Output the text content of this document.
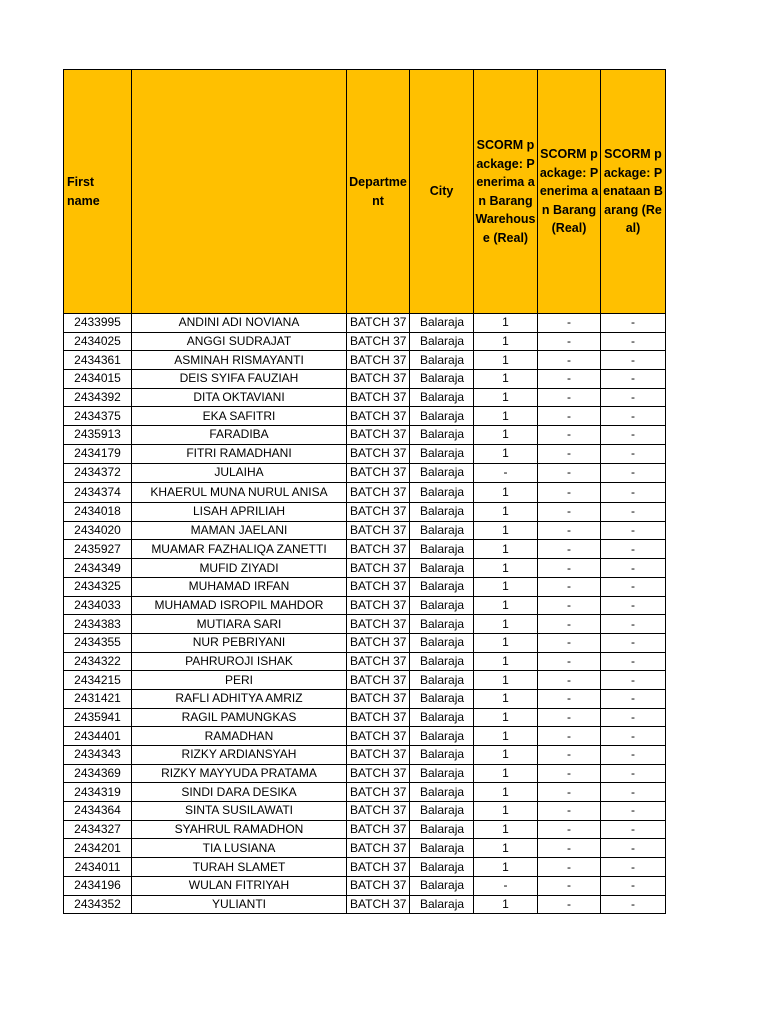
First name		Departme nt	City	SCORM package: Penerima an Barang Warehous e (Real)	SCORM package: Penerima an Barang (Real)	SCORM package: Penataan Barang (Real)
2433995	ANDINI ADI NOVIANA	BATCH 37	Balaraja	1	-	-
2434025	ANGGI SUDRAJAT	BATCH 37	Balaraja	1	-	-
2434361	ASMINAH RISMAYANTI	BATCH 37	Balaraja	1	-	-
2434015	DEIS SYIFA FAUZIAH	BATCH 37	Balaraja	1	-	-
2434392	DITA OKTAVIANI	BATCH 37	Balaraja	1	-	-
2434375	EKA SAFITRI	BATCH 37	Balaraja	1	-	-
2435913	FARADIBA	BATCH 37	Balaraja	1	-	-
2434179	FITRI RAMADHANI	BATCH 37	Balaraja	1	-	-
2434372	JULAIHA	BATCH 37	Balaraja	-	-	-
2434374	KHAERUL MUNA NURUL ANISA	BATCH 37	Balaraja	1	-	-
2434018	LISAH APRILIAH	BATCH 37	Balaraja	1	-	-
2434020	MAMAN JAELANI	BATCH 37	Balaraja	1	-	-
2435927	MUAMAR FAZHALIQA ZANETTI	BATCH 37	Balaraja	1	-	-
2434349	MUFID ZIYADI	BATCH 37	Balaraja	1	-	-
2434325	MUHAMAD IRFAN	BATCH 37	Balaraja	1	-	-
2434033	MUHAMAD ISROPIL MAHDOR	BATCH 37	Balaraja	1	-	-
2434383	MUTIARA SARI	BATCH 37	Balaraja	1	-	-
2434355	NUR PEBRIYANI	BATCH 37	Balaraja	1	-	-
2434322	PAHRUROJI ISHAK	BATCH 37	Balaraja	1	-	-
2434215	PERI	BATCH 37	Balaraja	1	-	-
2431421	RAFLI ADHITYA AMRIZ	BATCH 37	Balaraja	1	-	-
2435941	RAGIL PAMUNGKAS	BATCH 37	Balaraja	1	-	-
2434401	RAMADHAN	BATCH 37	Balaraja	1	-	-
2434343	RIZKY ARDIANSYAH	BATCH 37	Balaraja	1	-	-
2434369	RIZKY MAYYUDA PRATAMA	BATCH 37	Balaraja	1	-	-
2434319	SINDI DARA DESIKA	BATCH 37	Balaraja	1	-	-
2434364	SINTA SUSILAWATI	BATCH 37	Balaraja	1	-	-
2434327	SYAHRUL RAMADHON	BATCH 37	Balaraja	1	-	-
2434201	TIA LUSIANA	BATCH 37	Balaraja	1	-	-
2434011	TURAH SLAMET	BATCH 37	Balaraja	1	-	-
2434196	WULAN FITRIYAH	BATCH 37	Balaraja	-	-	-
2434352	YULIANTI	BATCH 37	Balaraja	1	-	-
